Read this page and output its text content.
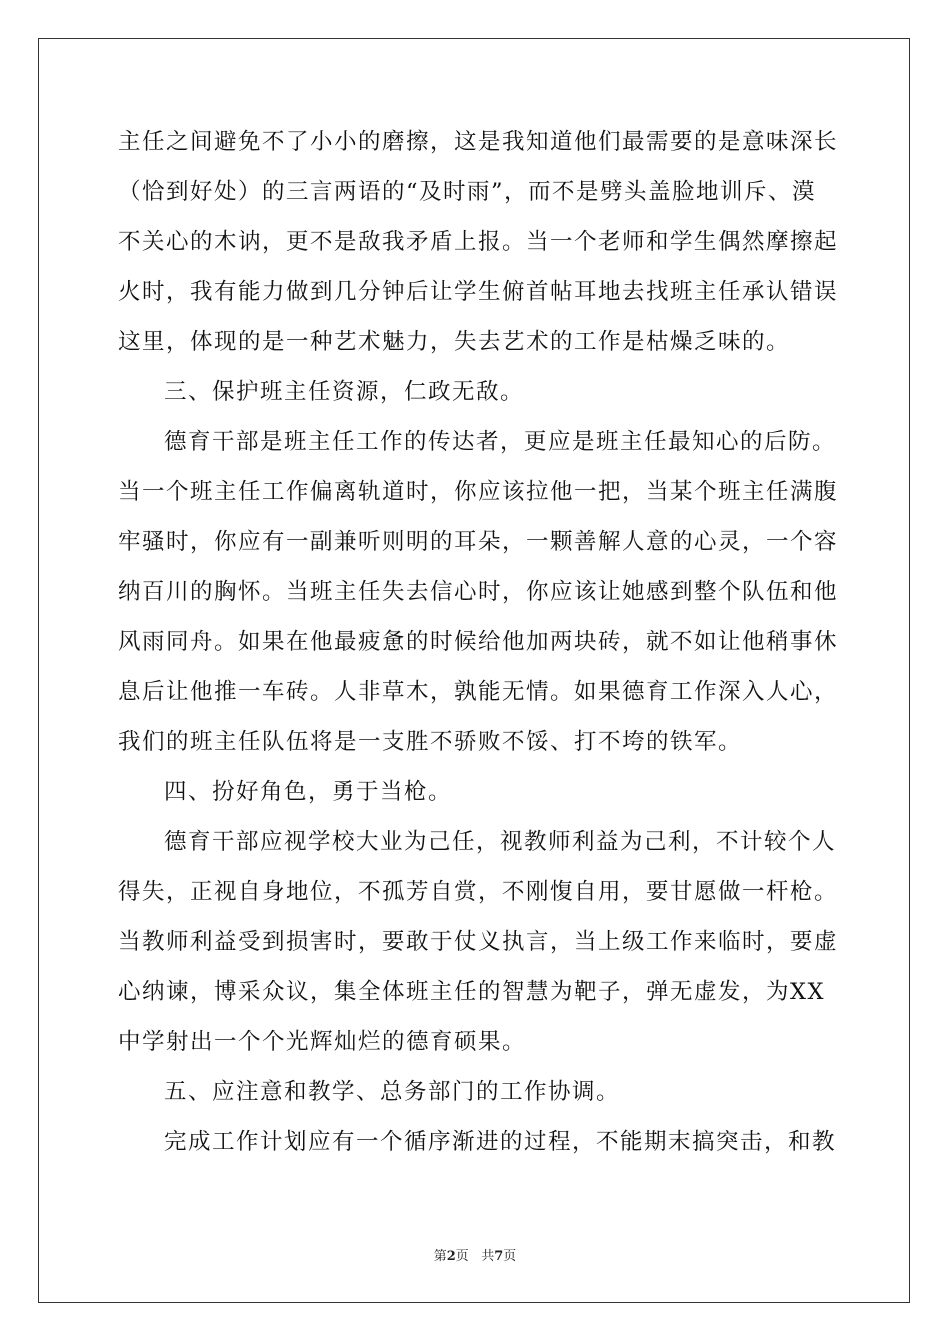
主任之间避免不了小小的磨擦，这是我知道他们最需要的是意味深长
（恰到好处）的三言两语的“及时雨”，而不是劈头盖脸地训斥、漠
不关心的木讷，更不是敌我矛盾上报。当一个老师和学生偶然摩擦起
火时，我有能力做到几分钟后让学生俯首帖耳地去找班主任承认错误
这里，体现的是一种艺术魅力，失去艺术的工作是枯燥乏味的。
三、保护班主任资源，仁政无敌。
德育干部是班主任工作的传达者，更应是班主任最知心的后防。
当一个班主任工作偏离轨道时，你应该拉他一把，当某个班主任满腹
牢骚时，你应有一副兼听则明的耳朵，一颗善解人意的心灵，一个容
纳百川的胸怀。当班主任失去信心时，你应该让她感到整个队伍和他
风雨同舟。如果在他最疲惫的时候给他加两块砖，就不如让他稍事休
息后让他推一车砖。人非草木，孰能无情。如果德育工作深入人心，
我们的班主任队伍将是一支胜不骄败不馁、打不垮的铁军。
四、扮好角色，勇于当枪。
德育干部应视学校大业为己任，视教师利益为己利，不计较个人
得失，正视自身地位，不孤芳自赏，不刚愎自用，要甘愿做一杆枪。
当教师利益受到损害时，要敢于仗义执言，当上级工作来临时，要虚
心纳谏，博采众议，集全体班主任的智慧为靶子，弹无虚发，为XX
中学射出一个个光辉灿烂的德育硕果。
五、应注意和教学、总务部门的工作协调。
完成工作计划应有一个循序渐进的过程，不能期末搞突击，和教
第2页 共7页
